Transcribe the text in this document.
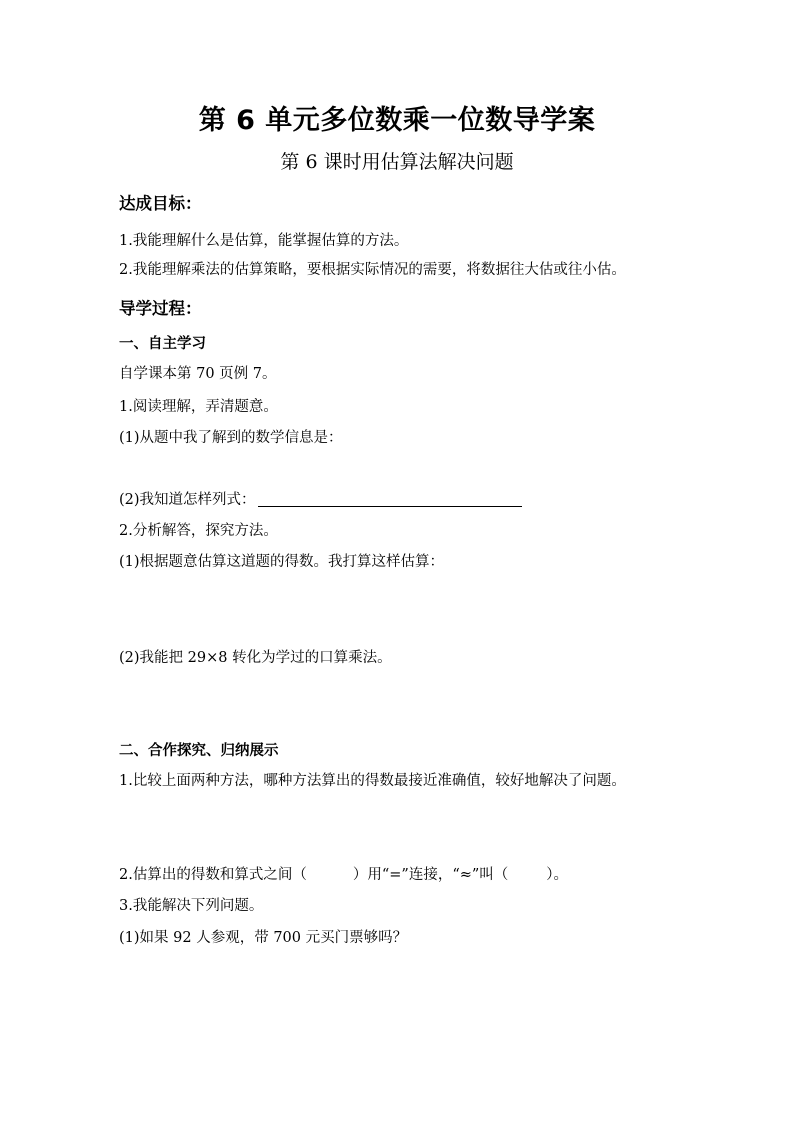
第 6 单元多位数乘一位数导学案
第 6 课时用估算法解决问题
达成目标：
1.我能理解什么是估算，能掌握估算的方法。
2.我能理解乘法的估算策略，要根据实际情况的需要，将数据往大估或往小估。
导学过程：
一、自主学习
自学课本第 70 页例 7。
1.阅读理解，弄清题意。
(1)从题中我了解到的数学信息是：
(2)我知道怎样列式：
2.分析解答，探究方法。
(1)根据题意估算这道题的得数。我打算这样估算：
(2)我能把 29×8 转化为学过的口算乘法。
二、合作探究、归纳展示
1.比较上面两种方法，哪种方法算出的得数最接近准确值，较好地解决了问题。
2.估算出的得数和算式之间（	）用“=”连接，“≈”叫（	）。
3.我能解决下列问题。
(1)如果 92 人参观，带 700 元买门票够吗？
